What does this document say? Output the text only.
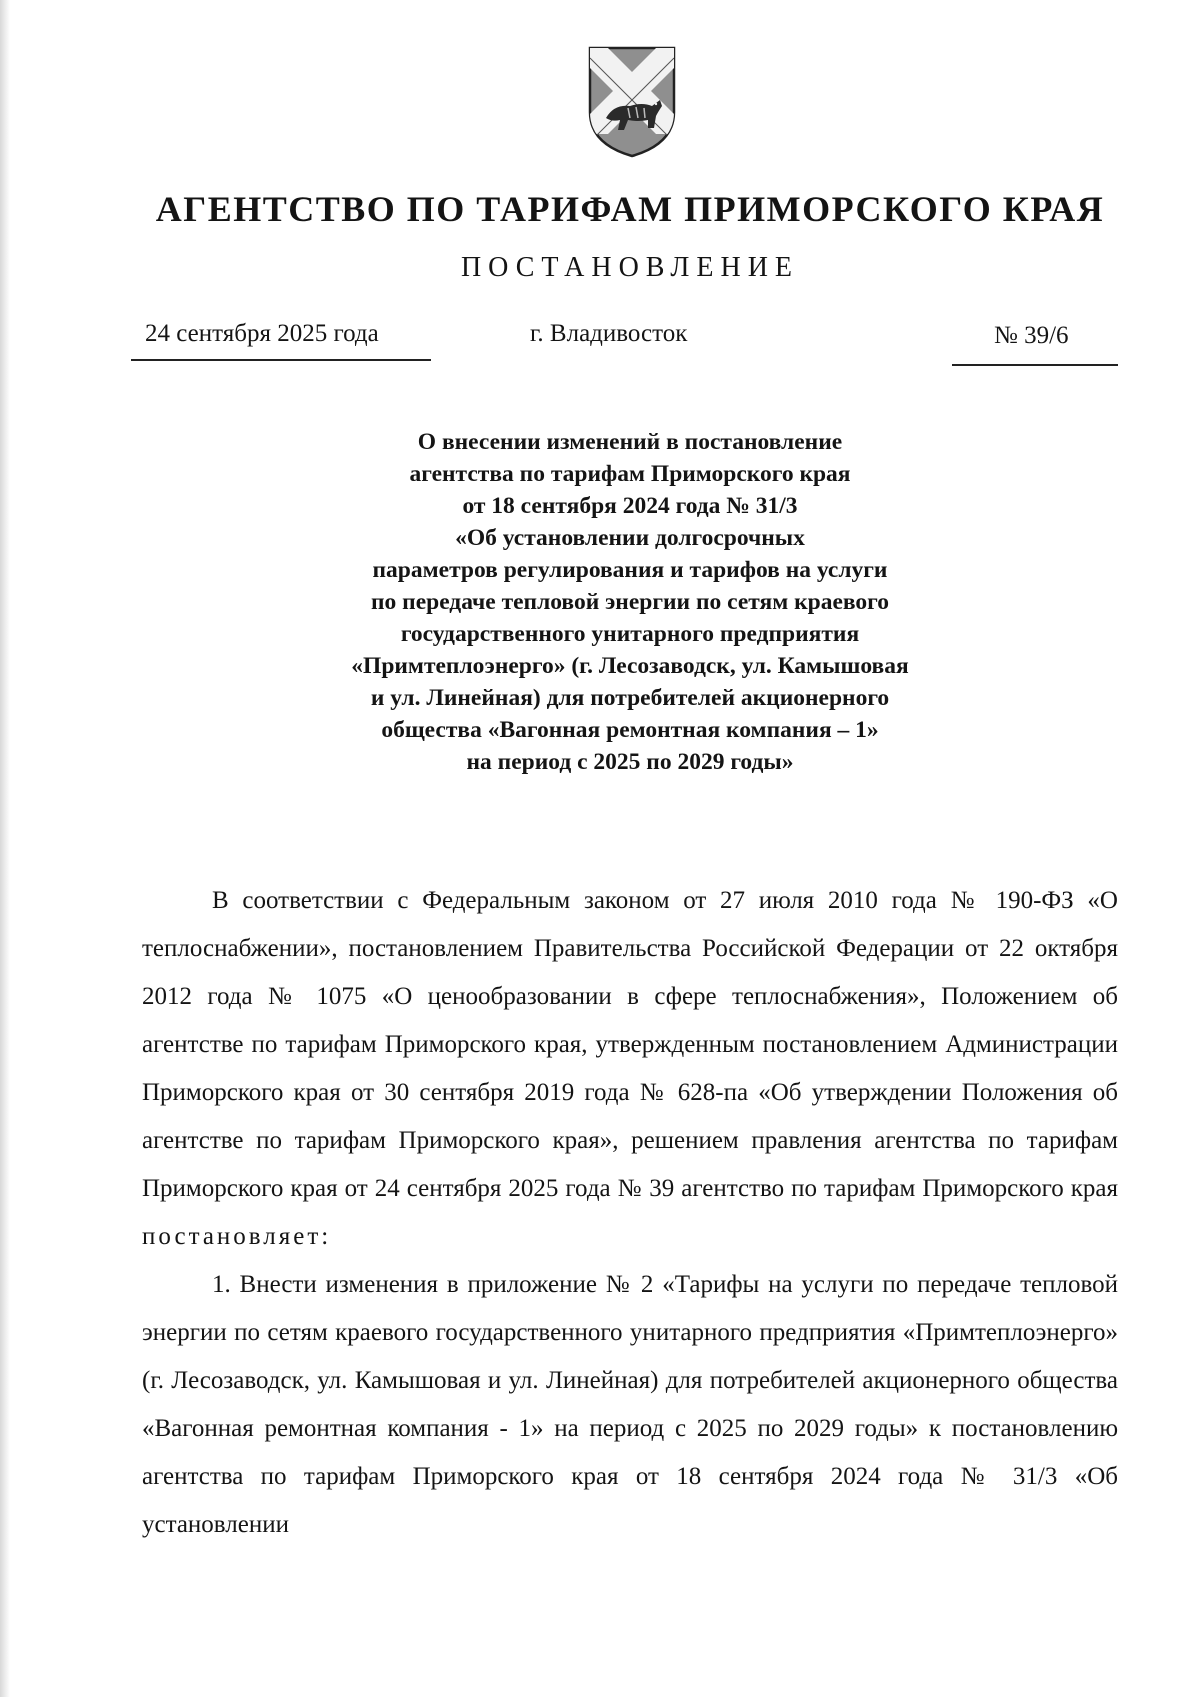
АГЕНТСТВО ПО ТАРИФАМ ПРИМОРСКОГО КРАЯ
ПОСТАНОВЛЕНИЕ
24 сентября 2025 года	г. Владивосток	№ 39/6
О внесении изменений в постановление
агентства по тарифам Приморского края
от 18 сентября 2024 года № 31/3
«Об установлении долгосрочных
параметров регулирования и тарифов на услуги
по передаче тепловой энергии по сетям краевого
государственного унитарного предприятия
«Примтеплоэнерго» (г. Лесозаводск, ул. Камышовая
и ул. Линейная) для потребителей акционерного
общества «Вагонная ремонтная компания – 1»
на период с 2025 по 2029 годы»

В соответствии с Федеральным законом от 27 июля 2010 года № 190-ФЗ «О теплоснабжении», постановлением Правительства Российской Федерации от 22 октября 2012 года № 1075 «О ценообразовании в сфере теплоснабжения», Положением об агентстве по тарифам Приморского края, утвержденным постановлением Администрации Приморского края от 30 сентября 2019 года № 628-па «Об утверждении Положения об агентстве по тарифам Приморского края», решением правления агентства по тарифам Приморского края от 24 сентября 2025 года № 39 агентство по тарифам Приморского края постановляет:

1. Внести изменения в приложение № 2 «Тарифы на услуги по передаче тепловой энергии по сетям краевого государственного унитарного предприятия «Примтеплоэнерго» (г. Лесозаводск, ул. Камышовая и ул. Линейная) для потребителей акционерного общества «Вагонная ремонтная компания - 1» на период с 2025 по 2029 годы» к постановлению агентства по тарифам Приморского края от 18 сентября 2024 года № 31/3 «Об установлении
